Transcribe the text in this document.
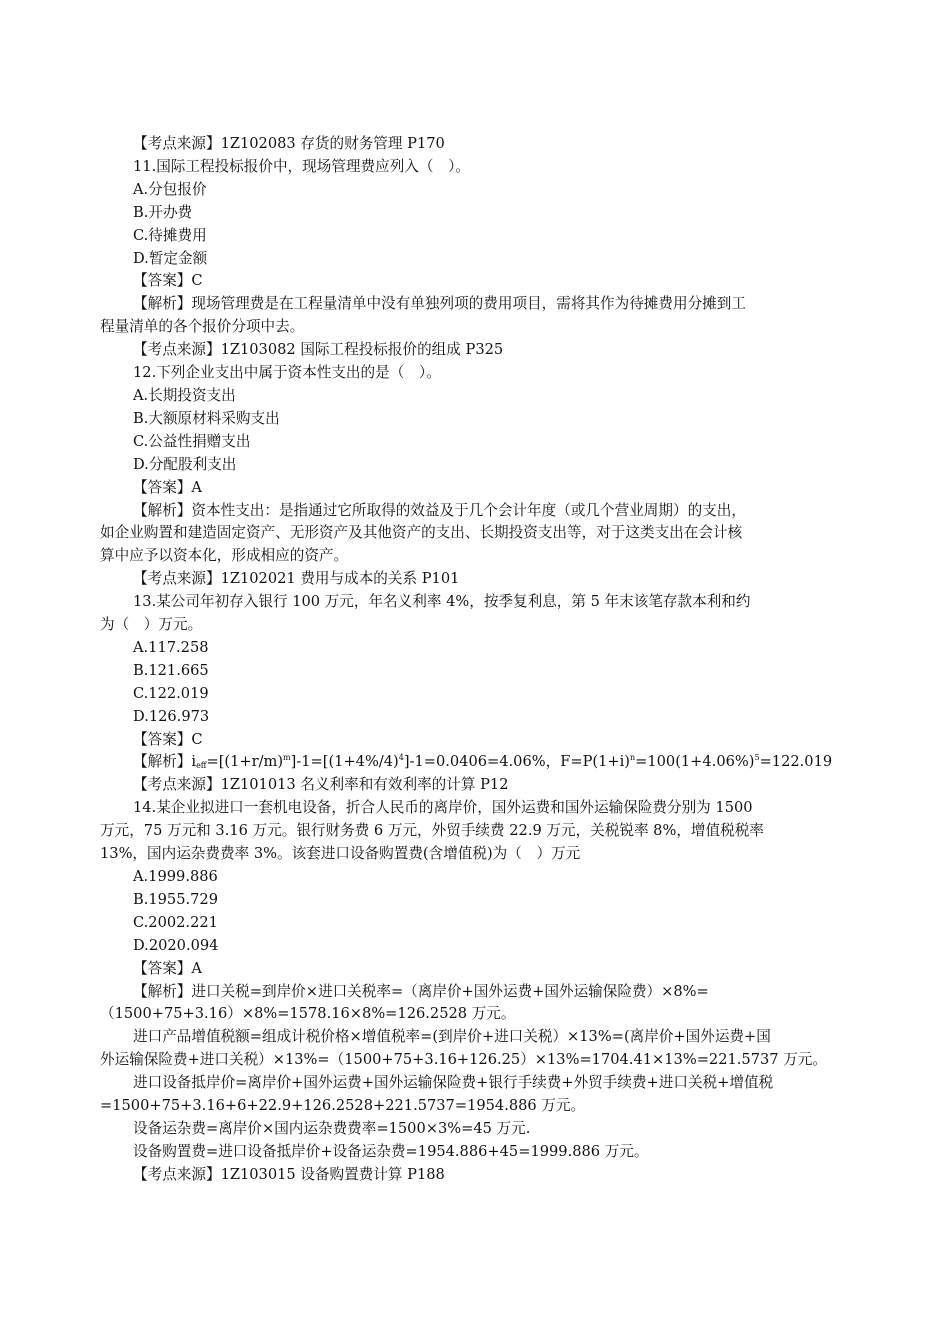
【考点来源】1Z102083 存货的财务管理 P170
11.国际工程投标报价中，现场管理费应列入（　）。
A.分包报价
B.开办费
C.待摊费用
D.暂定金额
【答案】C
【解析】现场管理费是在工程量清单中没有单独列项的费用项目，需将其作为待摊费用分摊到工
程量清单的各个报价分项中去。
【考点来源】1Z103082 国际工程投标报价的组成 P325
12.下列企业支出中属于资本性支出的是（　）。
A.长期投资支出
B.大额原材料采购支出
C.公益性捐赠支出
D.分配股利支出
【答案】A
【解析】资本性支出：是指通过它所取得的效益及于几个会计年度（或几个营业周期）的支出，
如企业购置和建造固定资产、无形资产及其他资产的支出、长期投资支出等，对于这类支出在会计核
算中应予以资本化，形成相应的资产。
【考点来源】1Z102021 费用与成本的关系 P101
13.某公司年初存入银行 100 万元，年名义利率 4%，按季复利息，第 5 年末该笔存款本利和约
为（　）万元。
A.117.258
B.121.665
C.122.019
D.126.973
【答案】C
【解析】$i_{eff}=[(1+r/m)^m]-1=[(1+4\%/4)^4]-1=0.0406=4.06\%$，$F=P(1+i)^n=100(1+4.06\%)^5=122.019$
【考点来源】1Z101013 名义利率和有效利率的计算 P12
14.某企业拟进口一套机电设备，折合人民币的离岸价，国外运费和国外运输保险费分别为 1500
万元，75 万元和 3.16 万元。银行财务费 6 万元，外贸手续费 22.9 万元，关税锐率 8%，增值税税率
13%，国内运杂费费率 3%。该套进口设备购置费(含增值税)为（　）万元
A.1999.886
B.1955.729
C.2002.221
D.2020.094
【答案】A
【解析】进口关税=到岸价×进口关税率=（离岸价+国外运费+国外运输保险费）×8%=
（1500+75+3.16）×8%=1578.16×8%=126.2528 万元。
进口产品增值税额=组成计税价格×增值税率=(到岸价+进口关税）×13%=(离岸价+国外运费+国
外运输保险费+进口关税）×13%=（1500+75+3.16+126.25）×13%=1704.41×13%=221.5737 万元。
进口设备抵岸价=离岸价+国外运费+国外运输保险费+银行手续费+外贸手续费+进口关税+增值税
=1500+75+3.16+6+22.9+126.2528+221.5737=1954.886 万元。
设备运杂费=离岸价×国内运杂费费率=1500×3%=45 万元.
设备购置费=进口设备抵岸价+设备运杂费=1954.886+45=1999.886 万元。
【考点来源】1Z103015 设备购置费计算 P188
